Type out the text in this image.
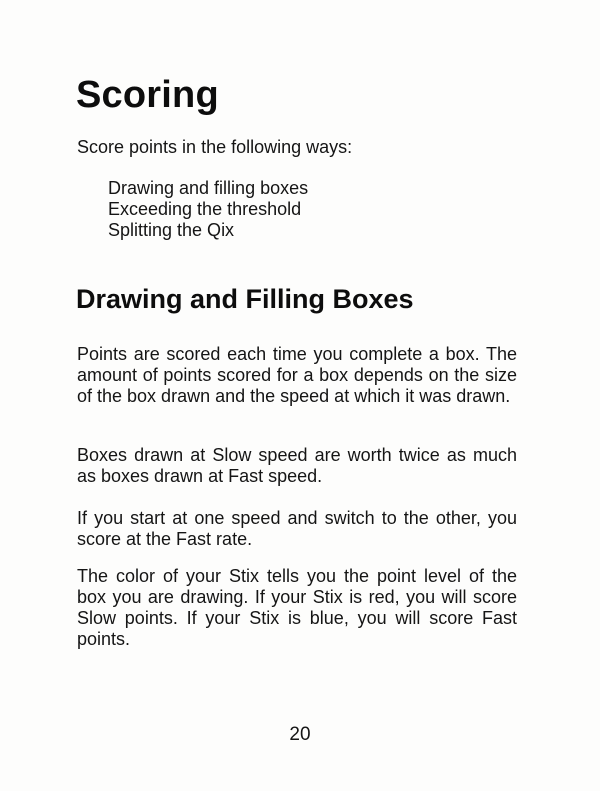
Scoring

Score points in the following ways:

Drawing and filling boxes
Exceeding the threshold
Splitting the Qix
Drawing and Filling Boxes

Points are scored each time you complete a box. The amount of points scored for a box depends on the size of the box drawn and the speed at which it was drawn.

Boxes drawn at Slow speed are worth twice as much as boxes drawn at Fast speed.

If you start at one speed and switch to the other, you score at the Fast rate.

The color of your Stix tells you the point level of the box you are drawing. If your Stix is red, you will score Slow points. If your Stix is blue, you will score Fast points.

20
